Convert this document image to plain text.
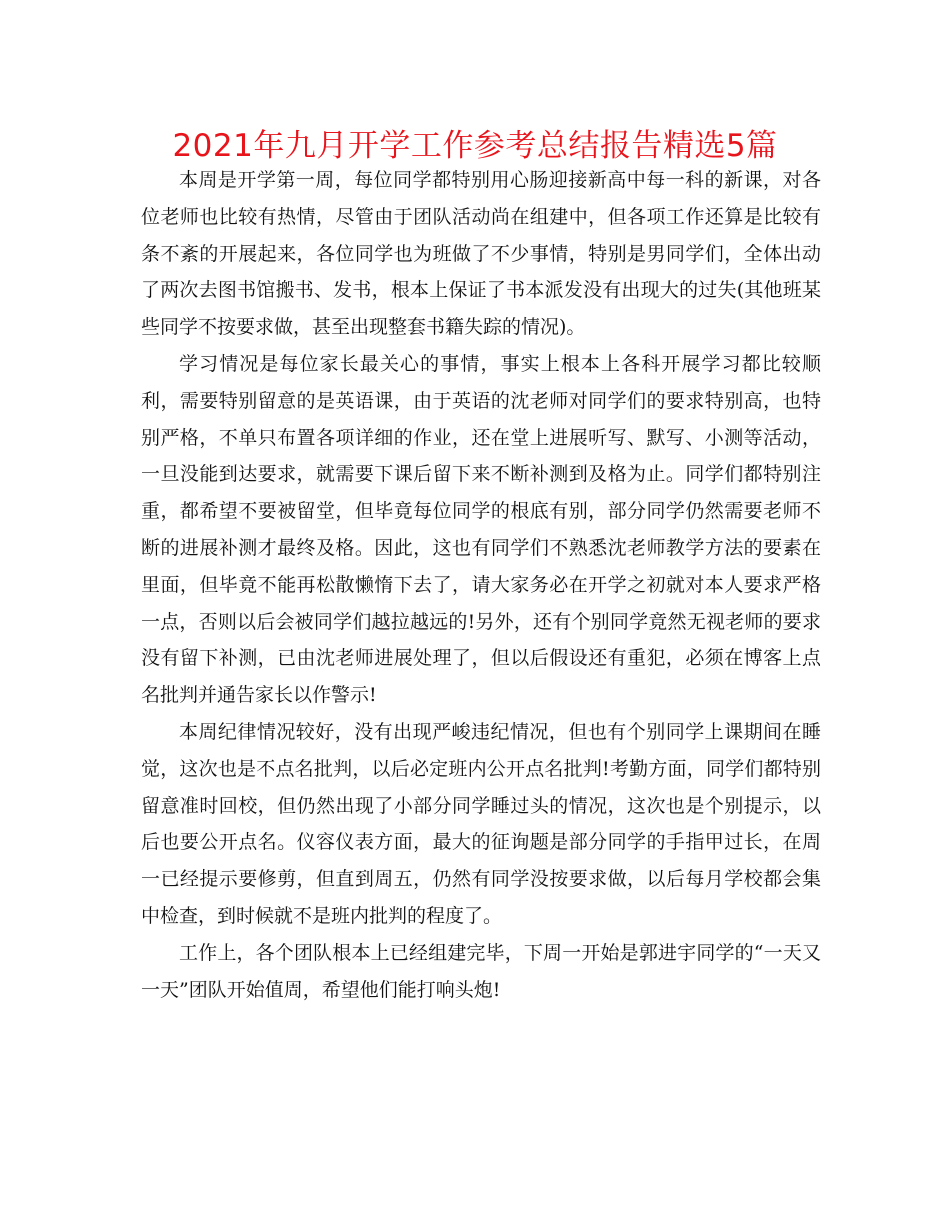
2021年九月开学工作参考总结报告精选5篇

本周是开学第一周，每位同学都特别用心肠迎接新高中每一科的新课，对各位老师也比较有热情，尽管由于团队活动尚在组建中，但各项工作还算是比较有条不紊的开展起来，各位同学也为班做了不少事情，特别是男同学们，全体出动了两次去图书馆搬书、发书，根本上保证了书本派发没有出现大的过失(其他班某些同学不按要求做，甚至出现整套书籍失踪的情况)。

学习情况是每位家长最关心的事情，事实上根本上各科开展学习都比较顺利，需要特别留意的是英语课，由于英语的沈老师对同学们的要求特别高，也特别严格，不单只布置各项详细的作业，还在堂上进展听写、默写、小测等活动，一旦没能到达要求，就需要下课后留下来不断补测到及格为止。同学们都特别注重，都希望不要被留堂，但毕竟每位同学的根底有别，部分同学仍然需要老师不断的进展补测才最终及格。因此，这也有同学们不熟悉沈老师教学方法的要素在里面，但毕竟不能再松散懒惰下去了，请大家务必在开学之初就对本人要求严格一点，否则以后会被同学们越拉越远的!另外，还有个别同学竟然无视老师的要求没有留下补测，已由沈老师进展处理了，但以后假设还有重犯，必须在博客上点名批判并通告家长以作警示!

本周纪律情况较好，没有出现严峻违纪情况，但也有个别同学上课期间在睡觉，这次也是不点名批判，以后必定班内公开点名批判!考勤方面，同学们都特别留意准时回校，但仍然出现了小部分同学睡过头的情况，这次也是个别提示，以后也要公开点名。仪容仪表方面，最大的征询题是部分同学的手指甲过长，在周一已经提示要修剪，但直到周五，仍然有同学没按要求做，以后每月学校都会集中检查，到时候就不是班内批判的程度了。

工作上，各个团队根本上已经组建完毕，下周一开始是郭进宇同学的“一天又一天”团队开始值周，希望他们能打响头炮!
